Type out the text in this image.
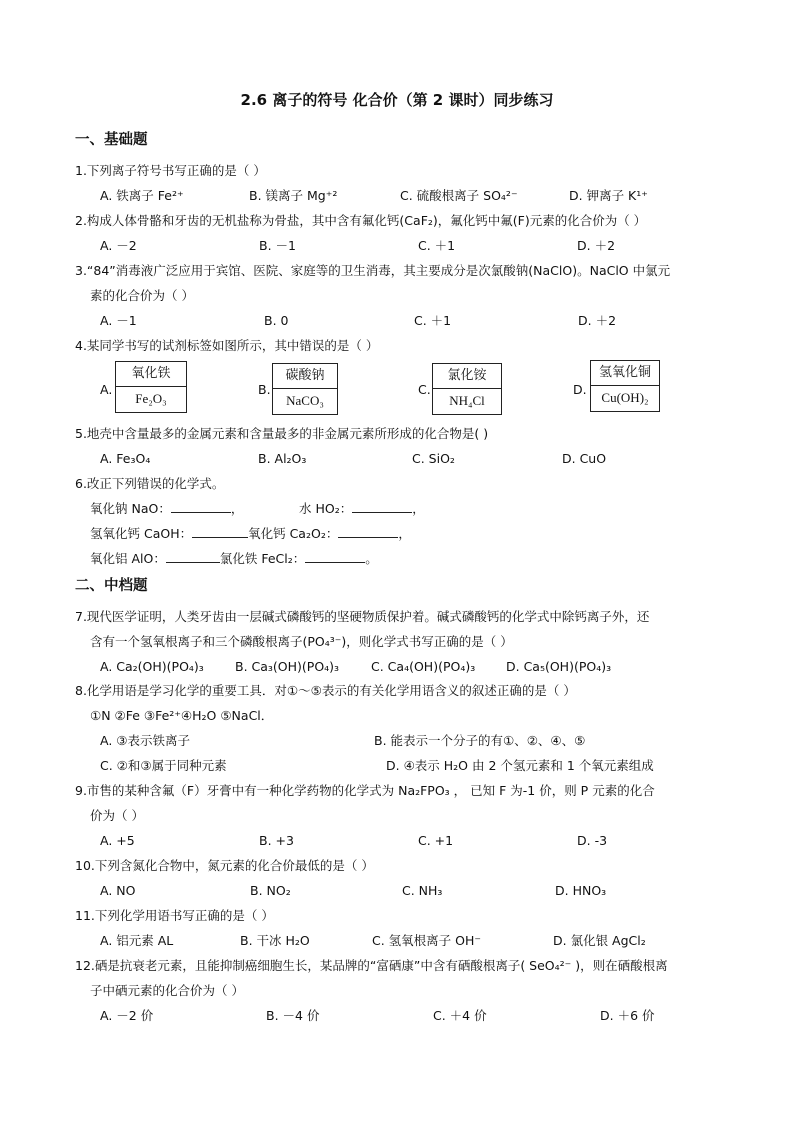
2.6 离子的符号 化合价（第 2 课时）同步练习
一、基础题
1.下列离子符号书写正确的是（ ）
A. 铁离子 Fe²⁺	B. 镁离子 Mg⁺²	C. 硫酸根离子 SO₄²⁻	D. 钾离子 K¹⁺
2.构成人体骨骼和牙齿的无机盐称为骨盐，其中含有氟化钙(CaF₂)，氟化钙中氟(F)元素的化合价为（ ）
A. －2	B. －1	C. ＋1	D. ＋2
3.“84”消毒液广泛应用于宾馆、医院、家庭等的卫生消毒，其主要成分是次氯酸钠(NaClO)。NaClO 中氯元
素的化合价为（ ）
A. －1	B. 0	C. ＋1	D. ＋2
4.某同学书写的试剂标签如图所示，其中错误的是（ ）
A.
氧化铁
Fe₂O₃
B.
碳酸钠
NaCO₃
C.
氯化铵
NH₄Cl
D.
氢氧化铜
Cu(OH)₂
5.地壳中含量最多的金属元素和含量最多的非金属元素所形成的化合物是( )
A. Fe₃O₄	B. Al₂O₃	C. SiO₂	D. CuO
6.改正下列错误的化学式。
氧化钠 NaO：	，	水 HO₂：	，
氢氧化钙 CaOH：	氧化钙 Ca₂O₂：	，
氧化铝 AlO：	氯化铁 FeCl₂：	。
二、中档题
7.现代医学证明，人类牙齿由一层碱式磷酸钙的坚硬物质保护着。碱式磷酸钙的化学式中除钙离子外，还
含有一个氢氧根离子和三个磷酸根离子(PO₄³⁻)，则化学式书写正确的是（ ）
A. Ca₂(OH)(PO₄)₃ B. Ca₃(OH)(PO₄)₃	C. Ca₄(OH)(PO₄)₃ D. Ca₅(OH)(PO₄)₃
8.化学用语是学习化学的重要工具．对①～⑤表示的有关化学用语含义的叙述正确的是（ ）
①N ②Fe ③Fe²⁺④H₂O ⑤NaCl．
A. ③表示铁离子	B. 能表示一个分子的有①、②、④、⑤
C. ②和③属于同种元素	D. ④表示 H₂O 由 2 个氢元素和 1 个氧元素组成
9.市售的某种含氟（F）牙膏中有一种化学药物的化学式为 Na₂FPO₃ ， 已知 F 为-1 价，则 P 元素的化合
价为（ ）
A. +5	B. +3	C. +1	D. -3
10.下列含氮化合物中，氮元素的化合价最低的是（ ）
A. NO	B. NO₂	C. NH₃	D. HNO₃
11.下列化学用语书写正确的是（ ）
A. 铝元素 AL	B. 干冰 H₂O	C. 氢氧根离子 OH⁻	D. 氯化银 AgCl₂
12.硒是抗衰老元素，且能抑制癌细胞生长，某品牌的“富硒康”中含有硒酸根离子( SeO₄²⁻ )，则在硒酸根离
子中硒元素的化合价为（ ）
A. －2 价	B. －4 价	C. ＋4 价	D. ＋6 价
